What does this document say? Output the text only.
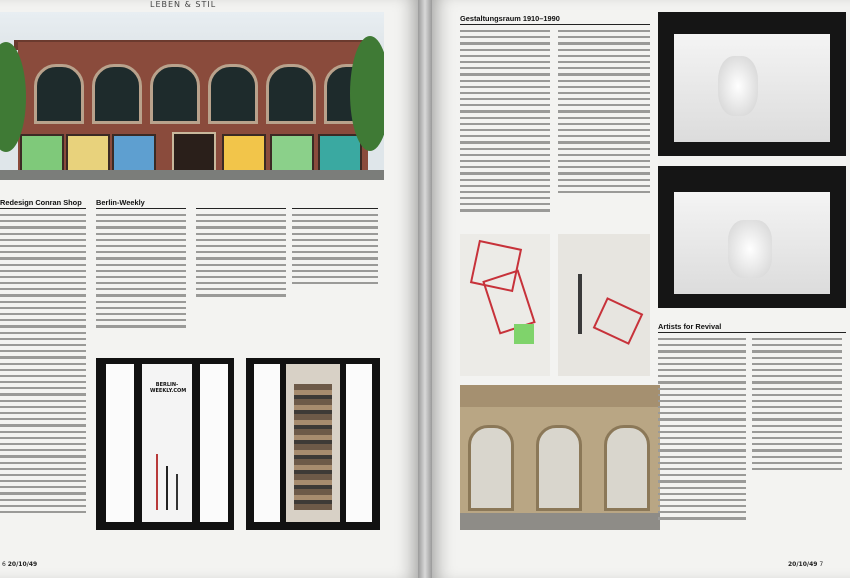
LEBEN & STIL
Redesign Conran Shop Berlin-Weekly
BERLIN-WEEKLY.COM
6 20/10/49
Gestaltungsraum 1910–1990
Artists for Revival
20/10/49 7
